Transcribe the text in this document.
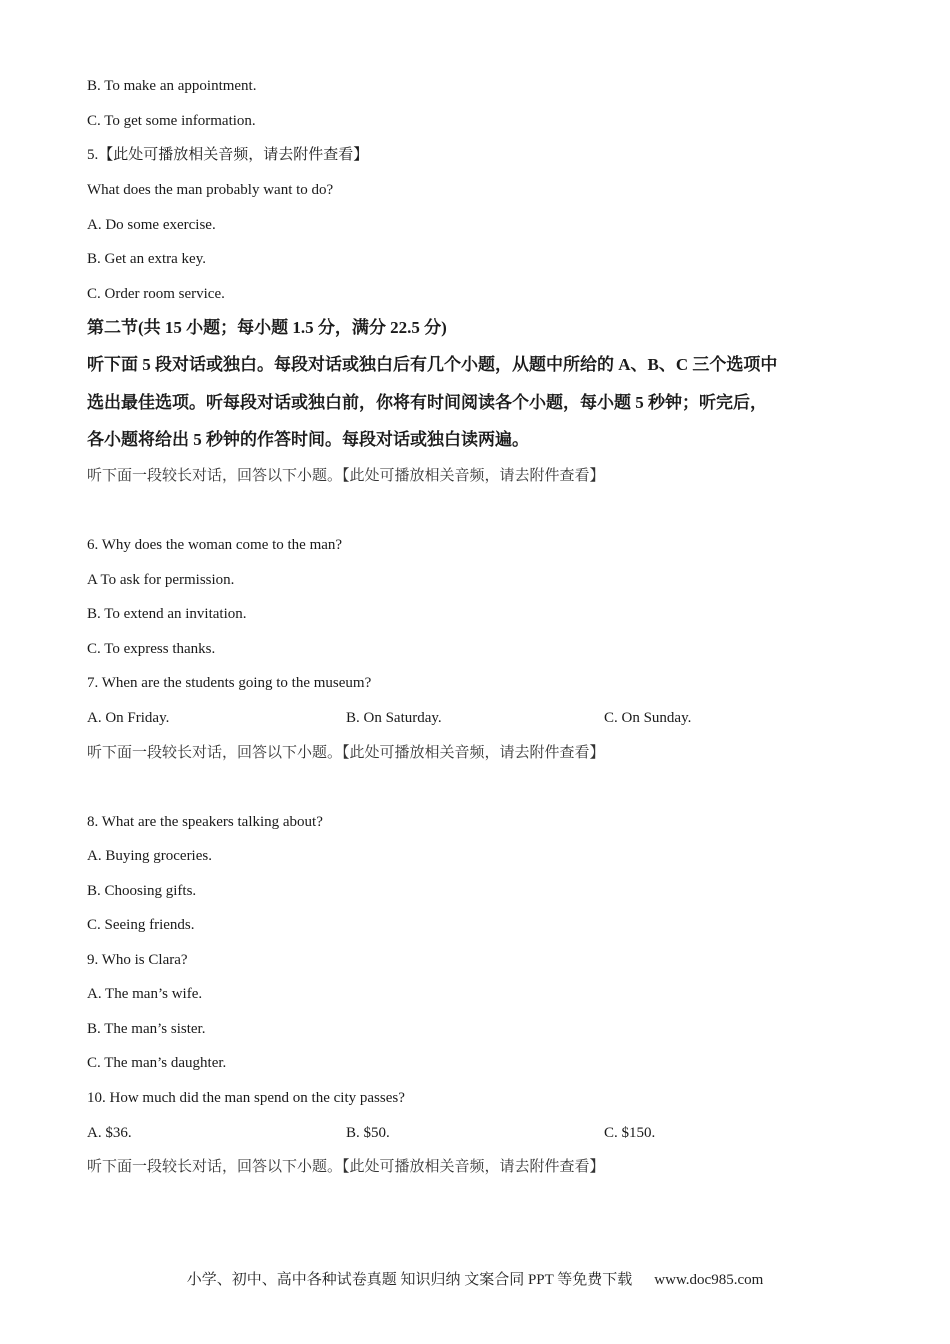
B. To make an appointment.
C. To get some information.
5.【此处可播放相关音频，请去附件查看】
What does the man probably want to do?
A. Do some exercise.
B. Get an extra key.
C. Order room service.
第二节(共 15 小题；每小题 1.5 分，满分 22.5 分)
听下面 5 段对话或独白。每段对话或独白后有几个小题，从题中所给的 A、B、C 三个选项中
选出最佳选项。听每段对话或独白前，你将有时间阅读各个小题，每小题 5 秒钟；听完后，
各小题将给出 5 秒钟的作答时间。每段对话或独白读两遍。
听下面一段较长对话，回答以下小题。【此处可播放相关音频，请去附件查看】
6. Why does the woman come to the man?
A To ask for permission.
B. To extend an invitation.
C. To express thanks.
7. When are the students going to the museum?
A. On Friday.	B. On Saturday.	C. On Sunday.
听下面一段较长对话，回答以下小题。【此处可播放相关音频，请去附件查看】
8. What are the speakers talking about?
A. Buying groceries.
B. Choosing gifts.
C. Seeing friends.
9. Who is Clara?
A. The man’s wife.
B. The man’s sister.
C. The man’s daughter.
10. How much did the man spend on the city passes?
A. $36.	B. $50.	C. $150.
听下面一段较长对话，回答以下小题。【此处可播放相关音频，请去附件查看】
小学、初中、高中各种试卷真题 知识归纳 文案合同 PPT 等免费下载 www.doc985.com
